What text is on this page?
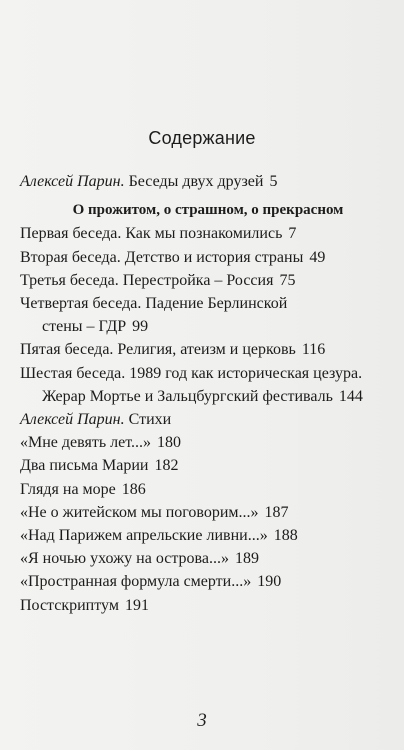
Содержание
Алексей Парин. Беседы двух друзей 5
О прожитом, о страшном, о прекрасном
Первая беседа. Как мы познакомились 7
Вторая беседа. Детство и история страны 49
Третья беседа. Перестройка – Россия 75
Четвертая беседа. Падение Берлинской
стены – ГДР 99
Пятая беседа. Религия, атеизм и церковь 116
Шестая беседа. 1989 год как историческая цезура.
Жерар Мортье и Зальцбургский фестиваль 144
Алексей Парин. Стихи
«Мне девять лет...» 180
Два письма Марии 182
Глядя на море 186
«Не о житейском мы поговорим...» 187
«Над Парижем апрельские ливни...» 188
«Я ночью ухожу на острова...» 189
«Пространная формула смерти...» 190
Постскриптум 191
3
